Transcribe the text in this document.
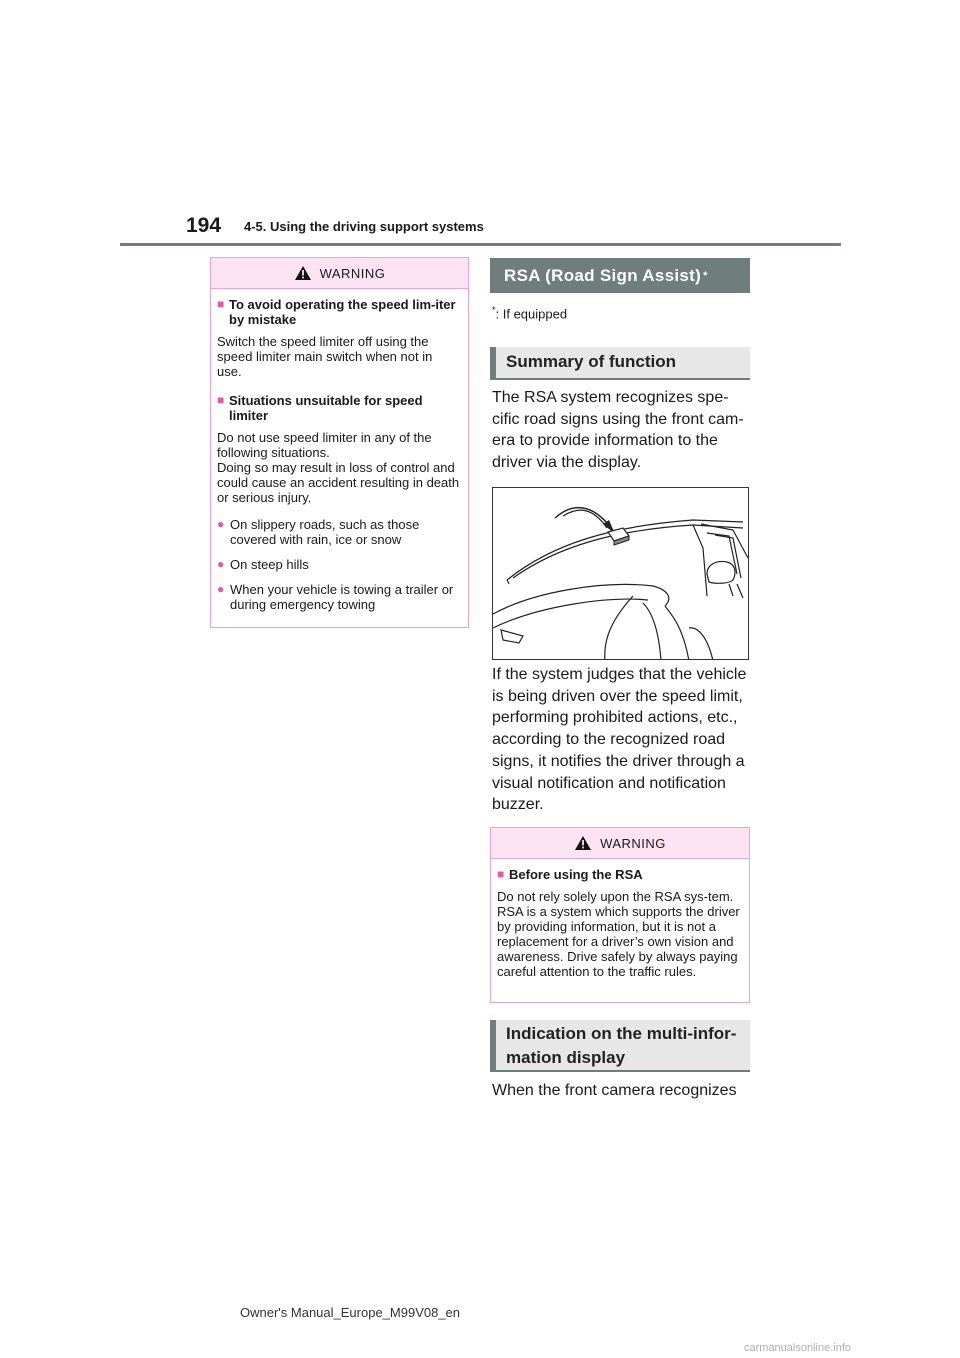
194 4-5. Using the driving support systems
WARNING
■ To avoid operating the speed lim-iter by mistake

Switch the speed limiter off using the speed limiter main switch when not in use.

■ Situations unsuitable for speed limiter

Do not use speed limiter in any of the following situations.
Doing so may result in loss of control and could cause an accident resulting in death or serious injury.

● On slippery roads, such as those covered with rain, ice or snow
● On steep hills
● When your vehicle is towing a trailer or during emergency towing
RSA (Road Sign Assist) *
*: If equipped
Summary of function
The RSA system recognizes spe-cific road signs using the front cam-era to provide information to the driver via the display.
If the system judges that the vehicle is being driven over the speed limit, performing prohibited actions, etc., according to the recognized road signs, it notifies the driver through a visual notification and notification buzzer.
WARNING
■ Before using the RSA

Do not rely solely upon the RSA sys-tem. RSA is a system which supports the driver by providing information, but it is not a replacement for a driver’s own vision and awareness. Drive safely by always paying careful attention to the traffic rules.

Indication on the multi-infor-mation display
When the front camera recognizes
Owner's Manual_Europe_M99V08_en
carmanualsonline.info
